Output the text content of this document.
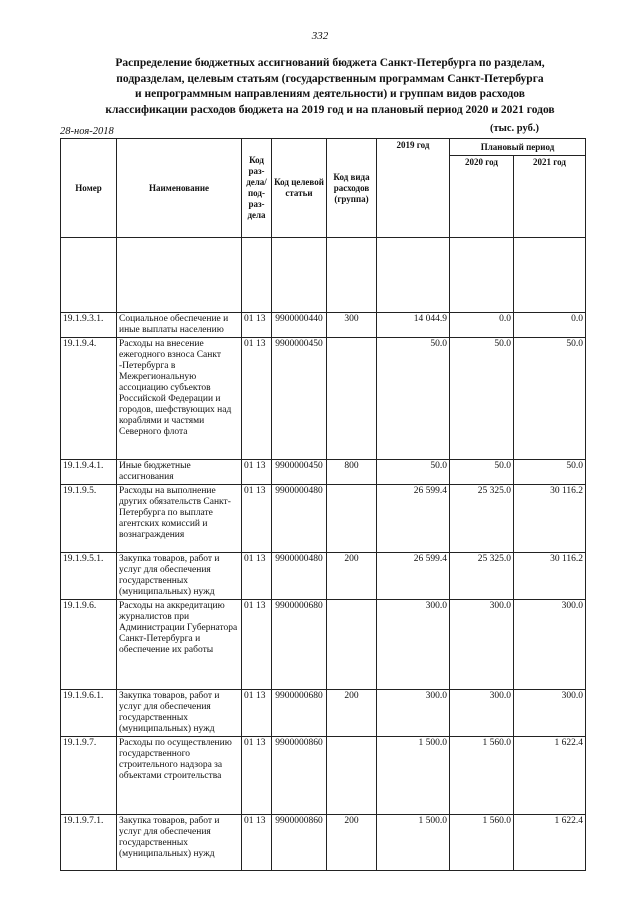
332
Распределение бюджетных ассигнований бюджета Санкт-Петербурга по разделам,
подразделам, целевым статьям (государственным программам Санкт-Петербурга
и непрограммным направлениям деятельности) и группам видов расходов
классификации расходов бюджета на 2019 год и на плановый период 2020 и 2021 годов
28-ноя-2018	(тыс. руб.)
Номер	Наименование	Код раз- дела/ под- раз- дела	Код целевой статьи	Код вида расходов (группа)	2019 год	Плановый период	
						2020 год	2021 год

19.1.9.3.1.	Социальное обеспечение и иные выплаты населению	01 13	9900000440	300	14 044.9	0.0	0.0
19.1.9.4.	Расходы на внесение ежегодного взноса Санкт -Петербурга в Межрегиональную ассоциацию субъектов Российской Федерации и городов, шефствующих над кораблями и частями Северного флота	01 13	9900000450		50.0	50.0	50.0
19.1.9.4.1.	Иные бюджетные ассигнования	01 13	9900000450	800	50.0	50.0	50.0
19.1.9.5.	Расходы на выполнение других обязательств Санкт-Петербурга по выплате агентских комиссий и вознаграждения	01 13	9900000480		26 599.4	25 325.0	30 116.2
19.1.9.5.1.	Закупка товаров, работ и услуг для обеспечения государственных (муниципальных) нужд	01 13	9900000480	200	26 599.4	25 325.0	30 116.2
19.1.9.6.	Расходы на аккредитацию журналистов при Администрации Губернатора Санкт-Петербурга и обеспечение их работы	01 13	9900000680		300.0	300.0	300.0
19.1.9.6.1.	Закупка товаров, работ и услуг для обеспечения государственных (муниципальных) нужд	01 13	9900000680	200	300.0	300.0	300.0
19.1.9.7.	Расходы по осуществлению государственного строительного надзора за объектами строительства	01 13	9900000860		1 500.0	1 560.0	1 622.4
19.1.9.7.1.	Закупка товаров, работ и услуг для обеспечения государственных (муниципальных) нужд	01 13	9900000860	200	1 500.0	1 560.0	1 622.4
